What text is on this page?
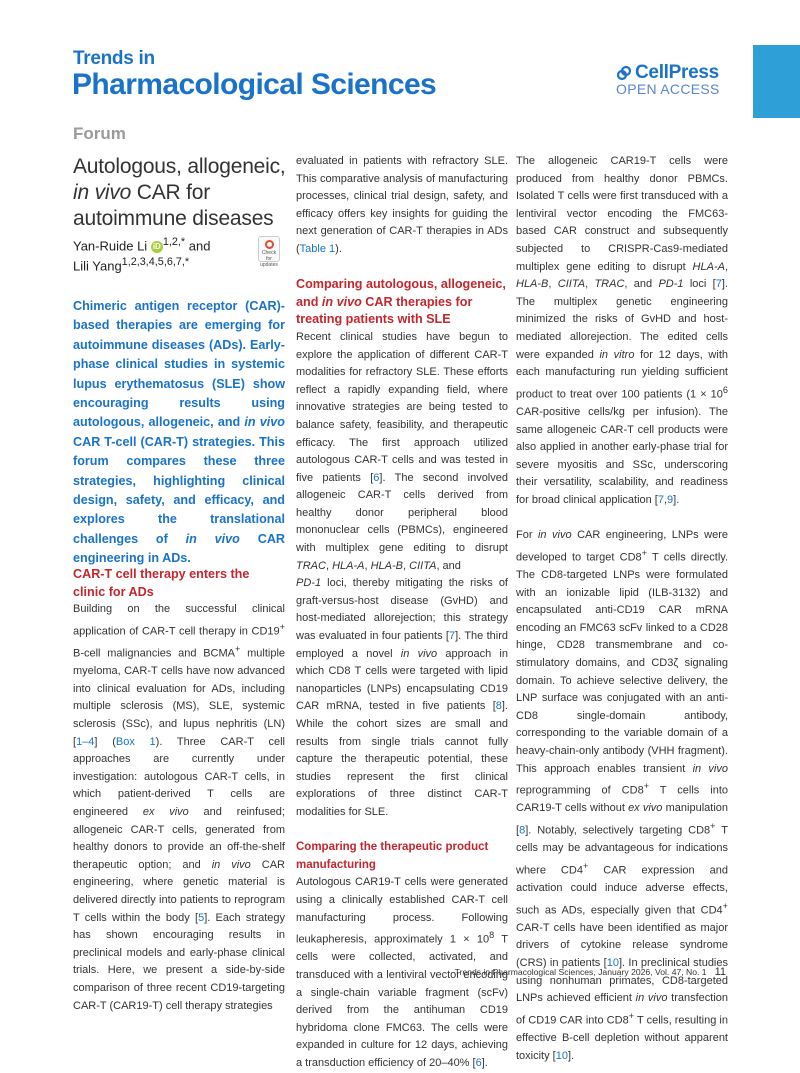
Trends in
Pharmacological Sciences	CellPress
OPEN ACCESS
Forum
Autologous, allogeneic,
in vivo CAR for
autoimmune diseases
Yan-Ruide Li iD $^{1,2,*}$ and
Lili Yang$^{1,2,3,4,5,6,7,*}$
Check for updates
Chimeric antigen receptor (CAR)-based therapies are emerging for autoimmune diseases (ADs). Early-phase clinical studies in systemic lupus erythematosus (SLE) show encouraging results using autologous, allogeneic, and in vivo CAR T-cell (CAR-T) strategies. This forum compares these three strategies, highlighting clinical design, safety, and efficacy, and explores the translational challenges of in vivo CAR engineering in ADs.
CAR-T cell therapy enters the clinic for ADs

Building on the successful clinical application of CAR-T cell therapy in CD19+ B-cell malignancies and BCMA+ multiple myeloma, CAR-T cells have now advanced into clinical evaluation for ADs, including multiple sclerosis (MS), SLE, systemic sclerosis (SSc), and lupus nephritis (LN) [1–4] (Box 1). Three CAR-T cell approaches are currently under investigation: autologous CAR-T cells, in which patient-derived T cells are engineered ex vivo and reinfused; allogeneic CAR-T cells, generated from healthy donors to provide an off-the-shelf therapeutic option; and in vivo CAR engineering, where genetic material is delivered directly into patients to reprogram T cells within the body [5]. Each strategy has shown encouraging results in preclinical models and early-phase clinical trials. Here, we present a side-by-side comparison of three recent CD19-targeting CAR-T (CAR19-T) cell therapy strategies

evaluated in patients with refractory SLE. This comparative analysis of manufacturing processes, clinical trial design, safety, and efficacy offers key insights for guiding the next generation of CAR-T therapies in ADs (Table 1).

Comparing autologous, allogeneic, and in vivo CAR therapies for treating patients with SLE

Recent clinical studies have begun to explore the application of different CAR-T modalities for refractory SLE. These efforts reflect a rapidly expanding field, where innovative strategies are being tested to balance safety, feasibility, and therapeutic efficacy. The first approach utilized autologous CAR-T cells and was tested in five patients [6]. The second involved allogeneic CAR-T cells derived from healthy donor peripheral blood mononuclear cells (PBMCs), engineered with multiplex gene editing to disrupt TRAC, HLA-A, HLA-B, CIITA, and
PD-1 loci, thereby mitigating the risks of graft-versus-host disease (GvHD) and host-mediated allorejection; this strategy was evaluated in four patients [7]. The third employed a novel in vivo approach in which CD8 T cells were targeted with lipid nanoparticles (LNPs) encapsulating CD19 CAR mRNA, tested in five patients [8]. While the cohort sizes are small and results from single trials cannot fully capture the therapeutic potential, these studies represent the first clinical explorations of three distinct CAR-T modalities for SLE.

Comparing the therapeutic product manufacturing

Autologous CAR19-T cells were generated using a clinically established CAR-T cell manufacturing process. Following leukapheresis, approximately $1 \times 10^8$ T cells were collected, activated, and transduced with a lentiviral vector encoding a single-chain variable fragment (scFv) derived from the antihuman CD19 hybridoma clone FMC63. The cells were expanded in culture for 12 days, achieving a transduction efficiency of 20–40% [6].

The allogeneic CAR19-T cells were produced from healthy donor PBMCs. Isolated T cells were first transduced with a lentiviral vector encoding the FMC63-based CAR construct and subsequently subjected to CRISPR-Cas9-mediated multiplex gene editing to disrupt HLA-A, HLA-B, CIITA, TRAC, and PD-1 loci [7]. The multiplex genetic engineering minimized the risks of GvHD and host-mediated allorejection. The edited cells were expanded in vitro for 12 days, with each manufacturing run yielding sufficient product to treat over 100 patients ($1 \times 10^6$ CAR-positive cells/kg per infusion). The same allogeneic CAR-T cell products were also applied in another early-phase trial for severe myositis and SSc, underscoring their versatility, scalability, and readiness for broad clinical application [7,9].

For in vivo CAR engineering, LNPs were developed to target CD8+ T cells directly. The CD8-targeted LNPs were formulated with an ionizable lipid (ILB-3132) and encapsulated anti-CD19 CAR mRNA encoding an FMC63 scFv linked to a CD28 hinge, CD28 transmembrane and co-stimulatory domains, and CD3ζ signaling domain. To achieve selective delivery, the LNP surface was conjugated with an anti-CD8 single-domain antibody, corresponding to the variable domain of a heavy-chain-only antibody (VHH fragment). This approach enables transient in vivo reprogramming of CD8+ T cells into CAR19-T cells without ex vivo manipulation [8]. Notably, selectively targeting CD8+ T cells may be advantageous for indications where CD4+ CAR expression and activation could induce adverse effects, such as ADs, especially given that CD4+ CAR-T cells have been identified as major drivers of cytokine release syndrome (CRS) in patients [10]. In preclinical studies using nonhuman primates, CD8-targeted LNPs achieved efficient in vivo transfection of CD19 CAR into CD8+ T cells, resulting in effective B-cell depletion without apparent toxicity [10].

Trends in Pharmacological Sciences, January 2026, Vol. 47, No. 1 11
